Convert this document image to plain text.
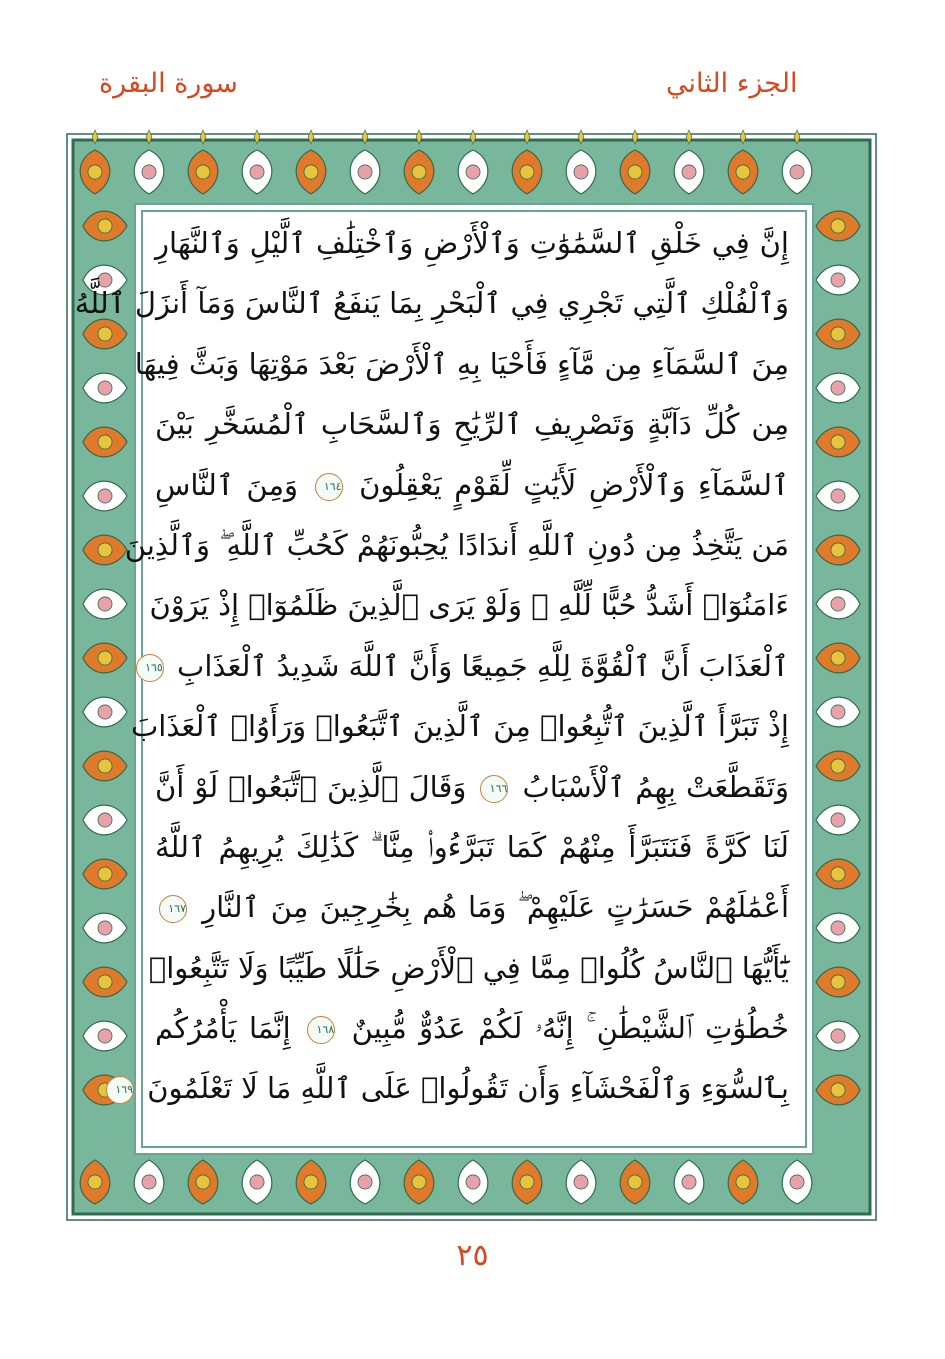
الجزء الثاني
سورة البقرة
إِنَّ فِي خَلْقِ ٱلسَّمَٰوَٰتِ وَٱلْأَرْضِ وَٱخْتِلَٰفِ ٱلَّيْلِ وَٱلنَّهَارِ
وَٱلْفُلْكِ ٱلَّتِي تَجْرِي فِي ٱلْبَحْرِ بِمَا يَنفَعُ ٱلنَّاسَ وَمَآ أَنزَلَ ٱللَّهُ
مِنَ ٱلسَّمَآءِ مِن مَّآءٍ فَأَحْيَا بِهِ ٱلْأَرْضَ بَعْدَ مَوْتِهَا وَبَثَّ فِيهَا
مِن كُلِّ دَآبَّةٍ وَتَصْرِيفِ ٱلرِّيَٰحِ وَٱلسَّحَابِ ٱلْمُسَخَّرِ بَيْنَ
ٱلسَّمَآءِ وَٱلْأَرْضِ لَأَيَٰتٍ لِّقَوْمٍ يَعْقِلُونَ ١٦٤ وَمِنَ ٱلنَّاسِ
مَن يَتَّخِذُ مِن دُونِ ٱللَّهِ أَندَادًا يُحِبُّونَهُمْ كَحُبِّ ٱللَّهِ ۖ وَٱلَّذِينَ
ءَامَنُوٓا۟ أَشَدُّ حُبًّا لِّلَّهِ ۗ وَلَوْ يَرَى ٱلَّذِينَ ظَلَمُوٓا۟ إِذْ يَرَوْنَ
ٱلْعَذَابَ أَنَّ ٱلْقُوَّةَ لِلَّهِ جَمِيعًا وَأَنَّ ٱللَّهَ شَدِيدُ ٱلْعَذَابِ ١٦٥
إِذْ تَبَرَّأَ ٱلَّذِينَ ٱتُّبِعُوا۟ مِنَ ٱلَّذِينَ ٱتَّبَعُوا۟ وَرَأَوُا۟ ٱلْعَذَابَ
وَتَقَطَّعَتْ بِهِمُ ٱلْأَسْبَابُ ١٦٦ وَقَالَ ٱلَّذِينَ ٱتَّبَعُوا۟ لَوْ أَنَّ
لَنَا كَرَّةً فَنَتَبَرَّأَ مِنْهُمْ كَمَا تَبَرَّءُوا۟ مِنَّا ۗ كَذَٰلِكَ يُرِيهِمُ ٱللَّهُ
أَعْمَٰلَهُمْ حَسَرَٰتٍ عَلَيْهِمْ ۖ وَمَا هُم بِخَٰرِجِينَ مِنَ ٱلنَّارِ ١٦٧
يَٰٓأَيُّهَا ٱلنَّاسُ كُلُوا۟ مِمَّا فِي ٱلْأَرْضِ حَلَٰلًا طَيِّبًا وَلَا تَتَّبِعُوا۟
خُطُوَٰتِ ٱلشَّيْطَٰنِ ۚ إِنَّهُۥ لَكُمْ عَدُوٌّ مُّبِينٌ ١٦٨ إِنَّمَا يَأْمُرُكُم
بِٱلسُّوٓءِ وَٱلْفَحْشَآءِ وَأَن تَقُولُوا۟ عَلَى ٱللَّهِ مَا لَا تَعْلَمُونَ ١٦٩
٢٥
